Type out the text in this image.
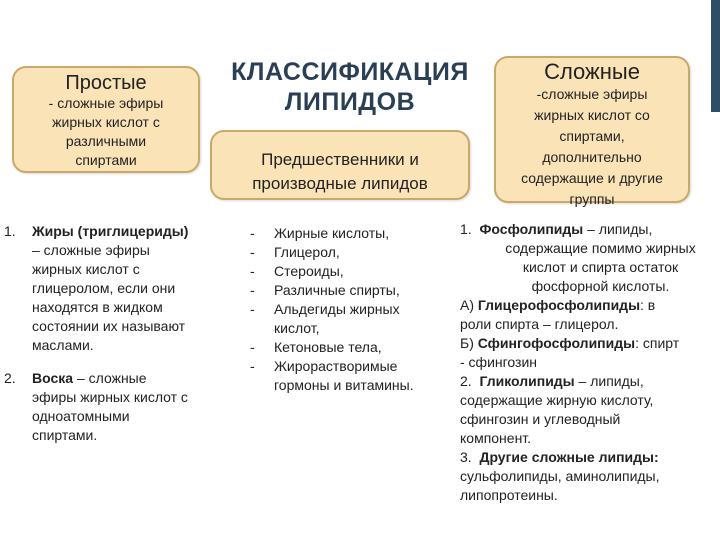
КЛАССИФИКАЦИЯ
ЛИПИДОВ
Простые
- сложные эфиры
жирных кислот с
различными
спиртами	Предшественники и
производные липидов
Сложные
-сложные эфиры
жирных кислот со
спиртами,
дополнительно
содержащие и другие
группы
1. Жиры (триглицериды)
– сложные эфиры
жирных кислот с
глицеролом, если они
находятся в жидком
состоянии их называют
маслами.
2. Воска – сложные
эфиры жирных кислот с
одноатомными
спиртами.
- Жирные кислоты,
- Глицерол,
- Стероиды,
- Различные спирты,
- Альдегиды жирных кислот,
- Кетоновые тела,
- Жирорастворимые гормоны и витамины.
1. Фосфолипиды – липиды,
содержащие помимо жирных
кислот и спирта остаток
фосфорной кислоты.
А) Глицерофосфолипиды: в
роли спирта – глицерол.
Б) Сфингофосфолипиды: спирт
- сфингозин
2. Гликолипиды – липиды,
содержащие жирную кислоту,
сфингозин и углеводный
компонент.
3. Другие сложные липиды:
сульфолипиды, аминолипиды,
липопротеины.
